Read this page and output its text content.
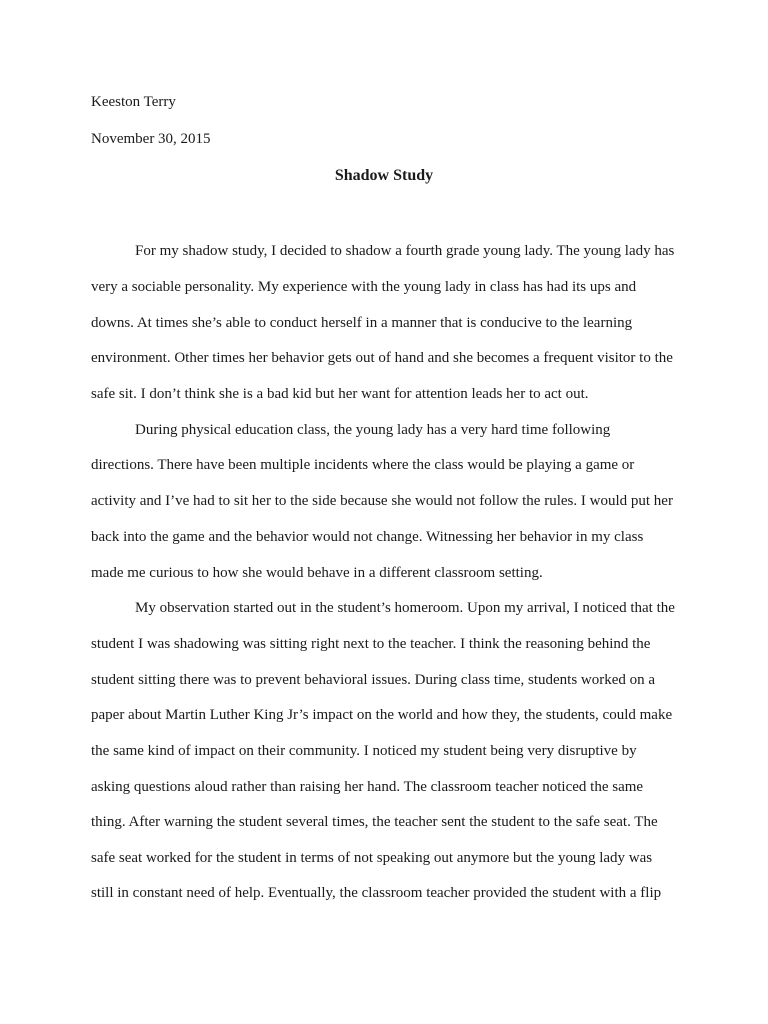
Keeston Terry
November 30, 2015
Shadow Study
For my shadow study, I decided to shadow a fourth grade young lady. The young lady has
very a sociable personality. My experience with the young lady in class has had its ups and
downs. At times she’s able to conduct herself in a manner that is conducive to the learning
environment. Other times her behavior gets out of hand and she becomes a frequent visitor to the
safe sit. I don’t think she is a bad kid but her want for attention leads her to act out.
During physical education class, the young lady has a very hard time following
directions. There have been multiple incidents where the class would be playing a game or
activity and I’ve had to sit her to the side because she would not follow the rules. I would put her
back into the game and the behavior would not change. Witnessing her behavior in my class
made me curious to how she would behave in a different classroom setting.
My observation started out in the student’s homeroom. Upon my arrival, I noticed that the
student I was shadowing was sitting right next to the teacher. I think the reasoning behind the
student sitting there was to prevent behavioral issues. During class time, students worked on a
paper about Martin Luther King Jr’s impact on the world and how they, the students, could make
the same kind of impact on their community. I noticed my student being very disruptive by
asking questions aloud rather than raising her hand. The classroom teacher noticed the same
thing. After warning the student several times, the teacher sent the student to the safe seat. The
safe seat worked for the student in terms of not speaking out anymore but the young lady was
still in constant need of help. Eventually, the classroom teacher provided the student with a flip
